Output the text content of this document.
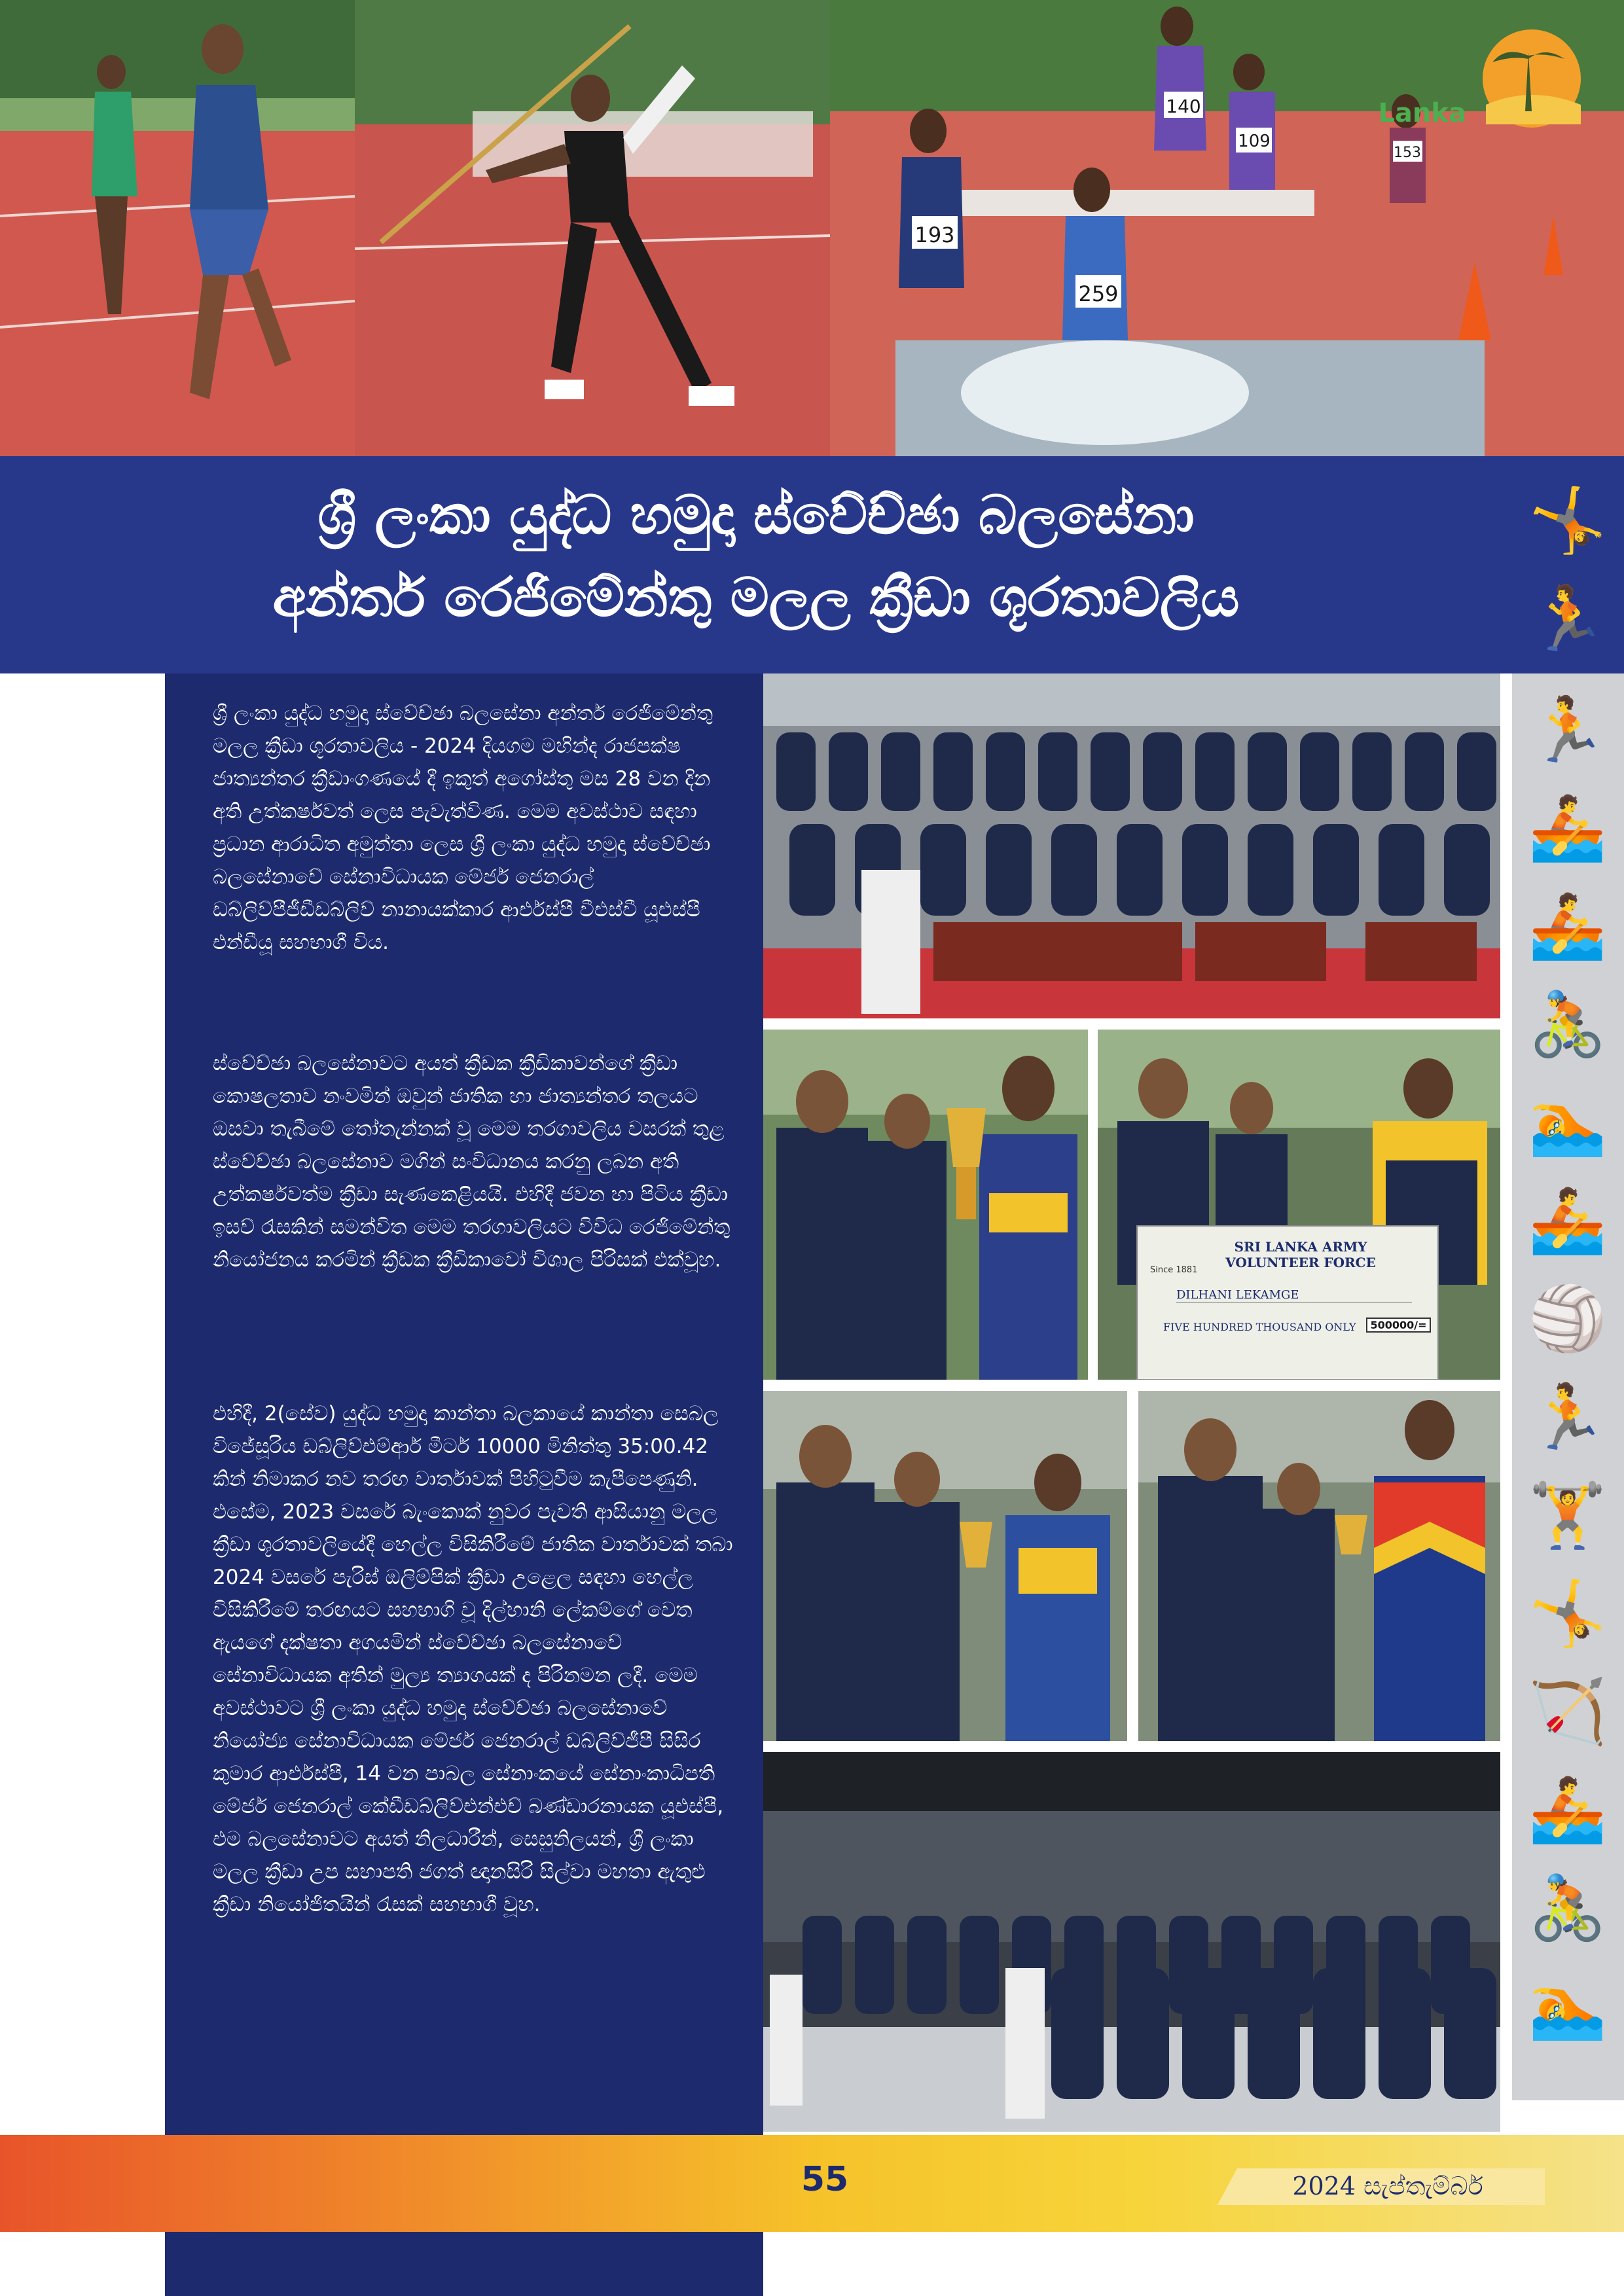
193
259
140
109
153
Lanka
ශ්‍රී ලංකා යුද්ධ හමුදා ස්වේච්ඡා බලසේනා
අන්තර් රෙජිමේන්තු මලල ක්‍රීඩා ශූරතාවලිය
🤸
🏃
🏃
🚣
🚣
🚴
🏊
🚣
🏐
🏃
🏋
🤸
🏹
🚣
🚴
🏊

ශ්‍රී ලංකා යුද්ධ හමුදා ස්වේච්ඡා බලසේනා අන්තර් රෙජිමේන්තු මලල ක්‍රීඩා ශූරතාවලිය - 2024 දියගම මහින්ද රාජපක්ෂ ජාත්‍යන්තර ක්‍රීඩාංගණයේ දී ඉකුත් අගෝස්තු මස 28 වන දින අති උත්කර්ෂවත් ලෙස පැවැත්විණ. මෙම අවස්ථාව සඳහා ප්‍රධාන ආරාධිත අමුත්තා ලෙස ශ්‍රී ලංකා යුද්ධ හමුදා ස්වේච්ඡා බලසේනාවේ සේනාවිධායක මේජර් ජෙනරාල් ඩබ්ලිව්පීජීඩීඩබ්ලිව් නානායක්කාර ආර්එස්පී වීඑස්වී යූඑස්පී එන්ඩීයූ සහභාගී විය.

ස්වේච්ඡා බලසේනාවට අයත් ක්‍රීඩක ක්‍රීඩිකාවන්ගේ ක්‍රීඩා කොෂලතාව නංවමින් ඔවුන් ජාතික හා ජාත්‍යන්තර තලයට ඔසවා තැබීමේ තෝතැන්නක් වූ මෙම තරගාවලිය වසරක් තුළ ස්වේච්ඡා බලසේනාව මගින් සංවිධානය කරනු ලබන අති උත්කර්ෂවත්ම ක්‍රීඩා සැණකෙළියයි. එහිදී ජවන හා පිටිය ක්‍රීඩා ඉසව් රැසකින් සමන්විත මෙම තරගාවලියට විවිධ රෙජිමේන්තු නියෝජනය කරමින් ක්‍රීඩක ක්‍රීඩිකාවෝ විශාල පිරිසක් එක්වූහ.

එහිදී, 2(සේව) යුද්ධ හමුදා කාන්තා බලකායේ කාන්තා සෙබල විජේසූරිය ඩබ්ලිව්එම්ආර් මීටර් 10000 මිනිත්තු 35:00.42 කින් නිමාකර නව තරඟ වාර්තාවක් පිහිටුවීම කැපීපෙණුනි. එසේම, 2023 වසරේ බැංකොක් නුවර පැවති ආසියානු මලල ක්‍රීඩා ශූරතාවලියේදී හෙල්ල විසිකිරීමේ ජාතික වාර්තාවක් තබා 2024 වසරේ පැරිස් ඔලිම්පික් ක්‍රීඩා උළෙල සඳහා හෙල්ල විසිකිරීමේ තරඟයට සහභාගි වූ දිල්හානි ලේකම්ගේ වෙත ඇයගේ දක්ෂතා අගයමින් ස්වේච්ඡා බලසේනාවේ සේනාවිධායක අතින් මුල්‍ය ත්‍යාගයක් ද පිරිනමන ලදී. මෙම අවස්ථාවට ශ්‍රී ලංකා යුද්ධ හමුදා ස්වේච්ඡා බලසේනාවේ නියෝජ්‍ය සේනාවිධායක මේජර් ජෙනරාල් ඩබ්ලිව්ජීපී සිසිර කුමාර ආර්එස්පී, 14 වන පාබල සේනාංකයේ සේනාංකාධිපති මේජර් ජෙනරාල් කේඩීඩබ්ලිව්එන්එච් බණ්ඩාරනායක යූඑස්පී, එම බලසේනාවට අයත් නිලධාරීන්, සෙසුනිලයන්, ශ්‍රී ලංකා මලල ක්‍රීඩා උප සභාපති ජගත් ඥානසිරි සිල්වා මහතා ඇතුළු ක්‍රීඩා නියෝජිතයින් රැසක් සහභාගී වූහ.

SRI LANKA ARMY VOLUNTEER FORCE
Since 1881
DILHANI LEKAMGE
FIVE HUNDRED THOUSAND ONLY	500000/=
55	2024 සැප්තැම්බර්
